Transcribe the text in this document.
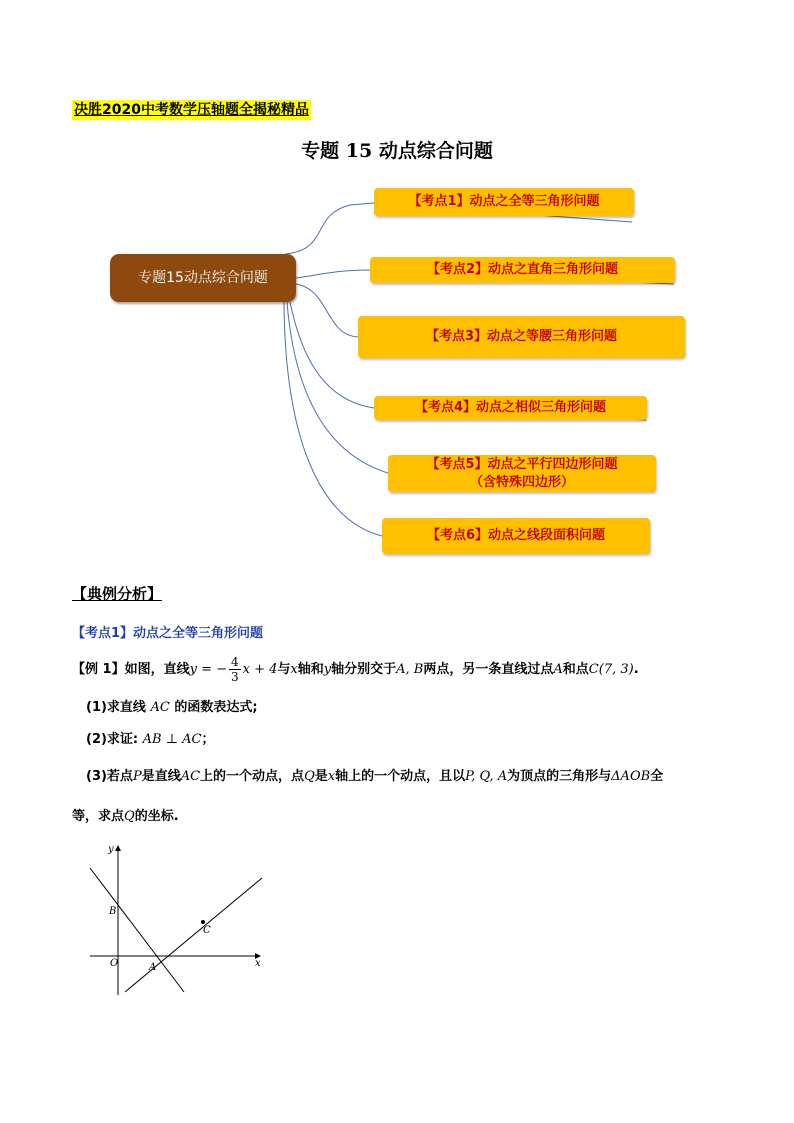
决胜2020中考数学压轴题全揭秘精品
专题 15 动点综合问题
专题15动点综合问题
【考点1】动点之全等三角形问题
【考点2】动点之直角三角形问题
【考点3】动点之等腰三角形问题
【考点4】动点之相似三角形问题
【考点5】动点之平行四边形问题
（含特殊四边形）
【考点6】动点之线段面积问题
【典例分析】
【考点1】动点之全等三角形问题
【例 1】如图，直线y = − $\frac{4}{3}$ x + 4与x轴和y轴分别交于A, B两点，另一条直线过点A和点C(7, 3).
(1)求直线 AC 的函数表达式;
(2)求证: AB ⊥ AC；
(3)若点P是直线AC上的一个动点，点Q是x轴上的一个动点，且以P, Q, A为顶点的三角形与ΔAOB全
等，求点Q的坐标.
y
x
O	A
B
C
